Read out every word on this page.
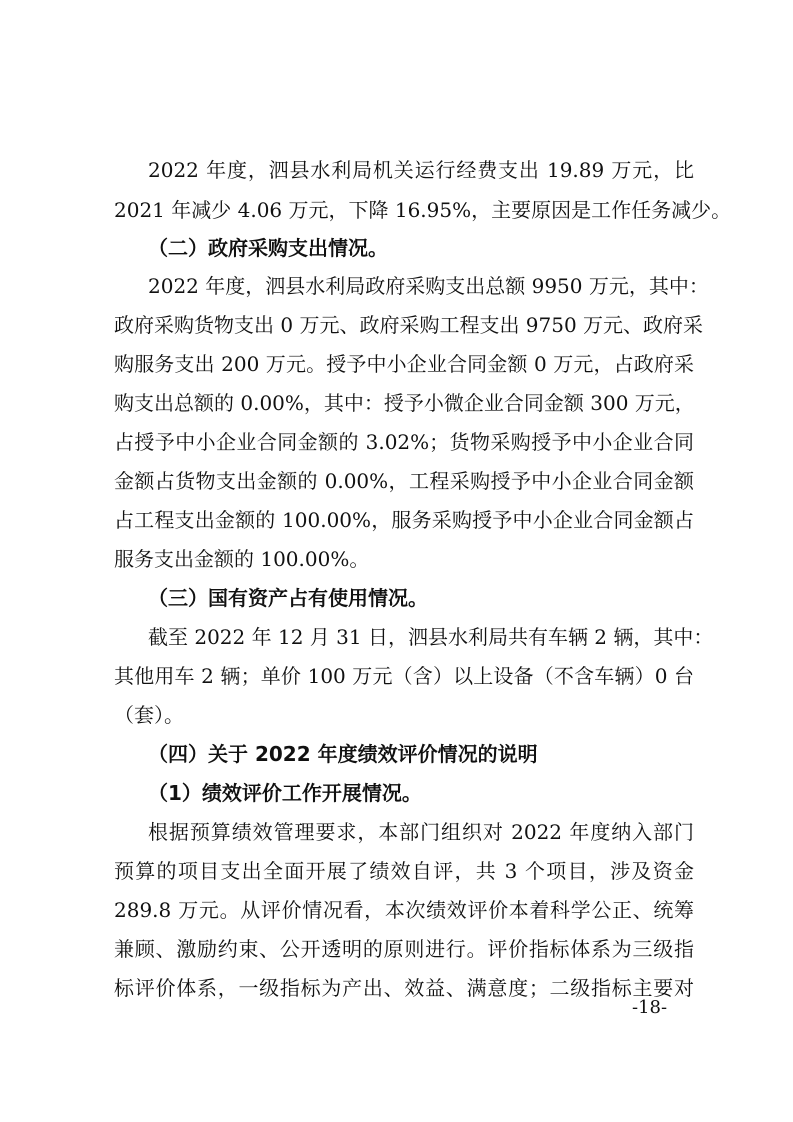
2022 年度，泗县水利局机关运行经费支出 19.89 万元，比
2021 年减少 4.06 万元，下降 16.95%，主要原因是工作任务减少。
（二）政府采购支出情况。
2022 年度，泗县水利局政府采购支出总额 9950 万元，其中：
政府采购货物支出 0 万元、政府采购工程支出 9750 万元、政府采
购服务支出 200 万元。授予中小企业合同金额 0 万元，占政府采
购支出总额的 0.00%，其中：授予小微企业合同金额 300 万元，
占授予中小企业合同金额的 3.02%；货物采购授予中小企业合同
金额占货物支出金额的 0.00%，工程采购授予中小企业合同金额
占工程支出金额的 100.00%，服务采购授予中小企业合同金额占
服务支出金额的 100.00%。
（三）国有资产占有使用情况。
截至 2022 年 12 月 31 日，泗县水利局共有车辆 2 辆，其中：
其他用车 2 辆；单价 100 万元（含）以上设备（不含车辆）0 台
（套）。
（四）关于 2022 年度绩效评价情况的说明
（1）绩效评价工作开展情况。
根据预算绩效管理要求，本部门组织对 2022 年度纳入部门
预算的项目支出全面开展了绩效自评，共 3 个项目，涉及资金
289.8 万元。从评价情况看，本次绩效评价本着科学公正、统筹
兼顾、激励约束、公开透明的原则进行。评价指标体系为三级指
标评价体系，一级指标为产出、效益、满意度；二级指标主要对
-18-
